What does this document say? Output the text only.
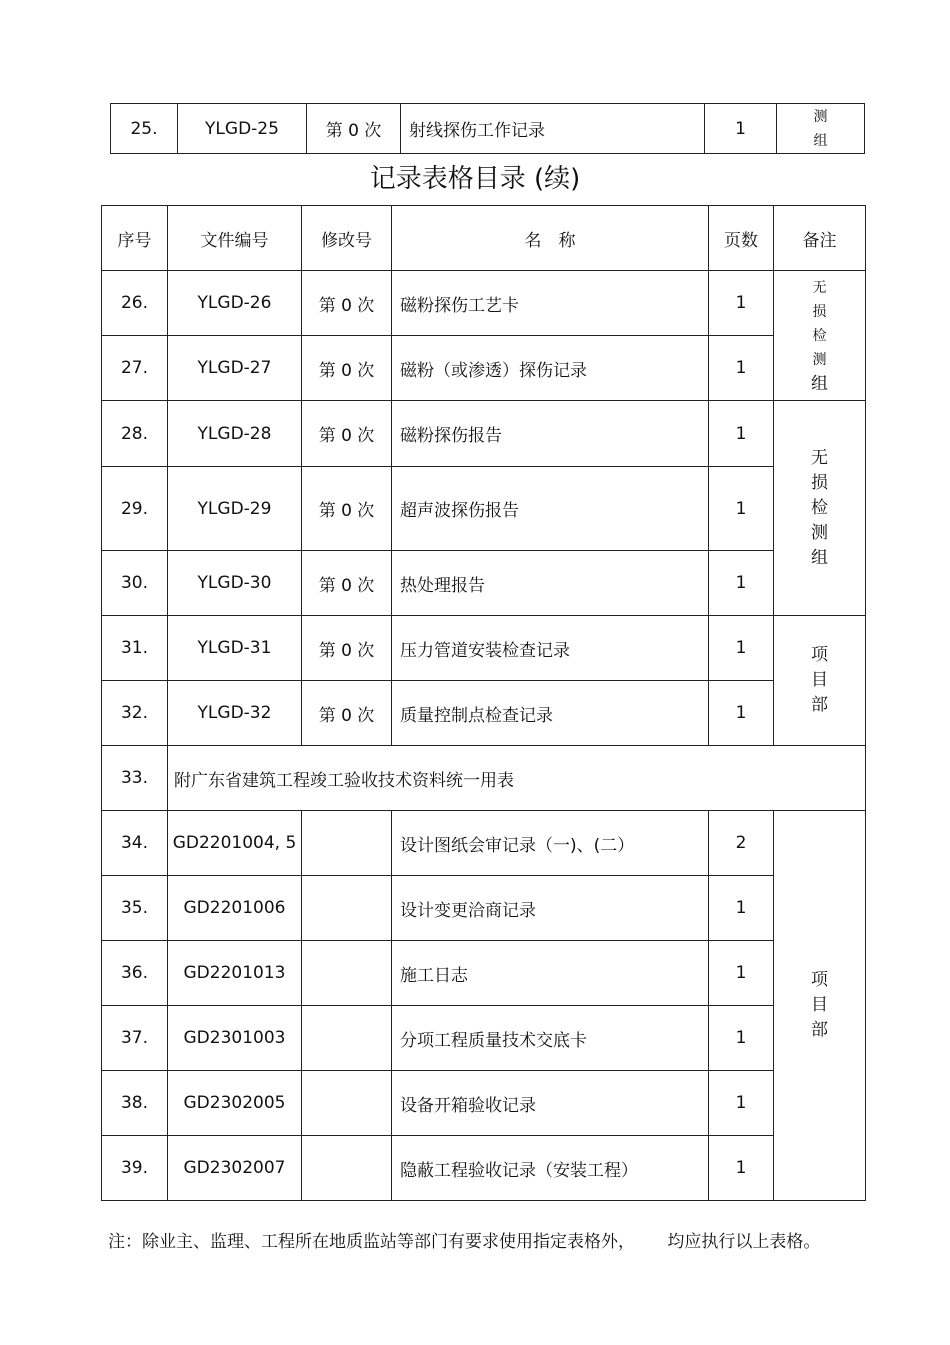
25.	YLGD-25	第 0 次	射线探伤工作记录	1	
测
组
记录表格目录 (续)
序号	文件编号	修改号	名　称	页数	备注
26.	YLGD-26	第 0 次	磁粉探伤工艺卡	1	无
损
检
测
组

27.	YLGD-27	第 0 次	磁粉（或渗透）探伤记录	1	
28.	YLGD-28	第 0 次	磁粉探伤报告	1	无
损
检
测
组

29.	YLGD-29	第 0 次	超声波探伤报告	1	
30.	YLGD-30	第 0 次	热处理报告	1	
31.	YLGD-31	第 0 次	压力管道安装检查记录	1	项
目
部

32.	YLGD-32	第 0 次	质量控制点检查记录	1	
33.	附广东省建筑工程竣工验收技术资料统一用表				
34.	GD2201004, 5		设计图纸会审记录（一)、(二）	2	项
目
部

35.	GD2201006		设计变更洽商记录	1	
36.	GD2201013		施工日志	1	
37.	GD2301003		分项工程质量技术交底卡	1	
38.	GD2302005		设备开箱验收记录	1	
39.	GD2302007		隐蔽工程验收记录（安装工程）	1	
注：除业主、监理、工程所在地质监站等部门有要求使用指定表格外，      均应执行以上表格。
